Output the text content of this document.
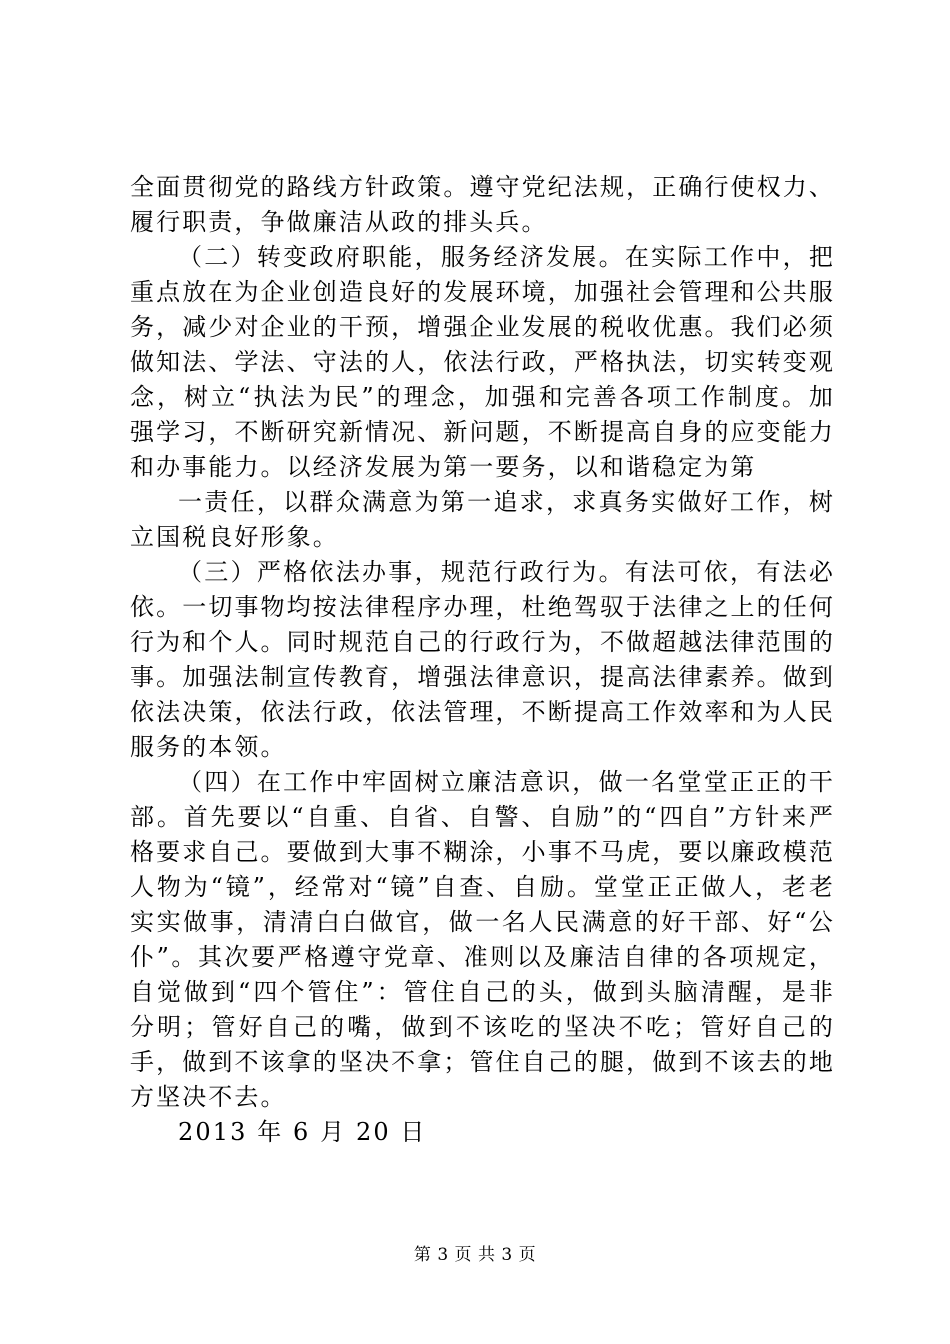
全面贯彻党的路线方针政策。遵守党纪法规，正确行使权力、履行职责，争做廉洁从政的排头兵。

（二）转变政府职能，服务经济发展。在实际工作中，把重点放在为企业创造良好的发展环境，加强社会管理和公共服务，减少对企业的干预，增强企业发展的税收优惠。我们必须做知法、学法、守法的人，依法行政，严格执法，切实转变观念，树立“执法为民”的理念，加强和完善各项工作制度。加强学习，不断研究新情况、新问题，不断提高自身的应变能力和办事能力。以经济发展为第一要务，以和谐稳定为第

一责任，以群众满意为第一追求，求真务实做好工作，树立国税良好形象。

（三）严格依法办事，规范行政行为。有法可依，有法必依。一切事物均按法律程序办理，杜绝驾驭于法律之上的任何行为和个人。同时规范自己的行政行为，不做超越法律范围的事。加强法制宣传教育，增强法律意识，提高法律素养。做到依法决策，依法行政，依法管理，不断提高工作效率和为人民服务的本领。

（四）在工作中牢固树立廉洁意识，做一名堂堂正正的干部。首先要以“自重、自省、自警、自励”的“四自”方针来严格要求自己。要做到大事不糊涂，小事不马虎，要以廉政模范人物为“镜”，经常对“镜”自查、自励。堂堂正正做人，老老实实做事，清清白白做官，做一名人民满意的好干部、好“公仆”。其次要严格遵守党章、准则以及廉洁自律的各项规定，自觉做到“四个管住”：管住自己的头，做到头脑清醒，是非分明；管好自己的嘴，做到不该吃的坚决不吃；管好自己的手，做到不该拿的坚决不拿；管住自己的腿，做到不该去的地方坚决不去。

2013 年 6 月 20 日

第 3 页 共 3 页
